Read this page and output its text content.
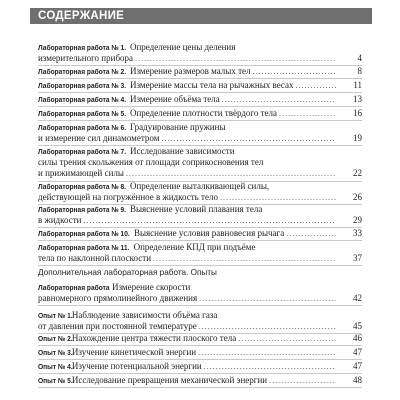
СОДЕРЖАНИЕ
Лабораторная работа № 1. Определение цены деления
измерительного прибора .....	4
Лабораторная работа № 2. Измерение размеров малых тел .....	8
Лабораторная работа № 3. Измерение массы тела на рычажных весах .....	11
Лабораторная работа № 4. Измерение объёма тела .....	13
Лабораторная работа № 5. Определение плотности твёрдого тела .....	16
Лабораторная работа № 6. Градуирование пружины
и измерение сил динамометром .....	19
Лабораторная работа № 7. Исследование зависимости
силы трения скольжения от площади соприкосновения тел
и прижимающей силы .....	22
Лабораторная работа № 8. Определение выталкивающей силы,
действующей на погружённое в жидкость тело .....	26
Лабораторная работа № 9. Выяснение условий плавания тела
в жидкости .....	29
Лабораторная работа № 10. Выяснение условия равновесия рычага .....	33
Лабораторная работа № 11. Определение КПД при подъёме
тела по наклонной плоскости .....	37
Дополнительная лабораторная работа. Опыты
Лабораторная работа Измерение скорости
равномерного прямолинейного движения .....	42
Опыт № 1. Наблюдение зависимости объёма газа
от давления при постоянной температуре .....	45
Опыт № 2. Нахождение центра тяжести плоского тела .....	46
Опыт № 3. Изучение кинетической энергии .....	47
Опыт № 4. Изучение потенциальной энергии .....	47
Опыт № 5. Исследование превращения механической энергии .....	48
